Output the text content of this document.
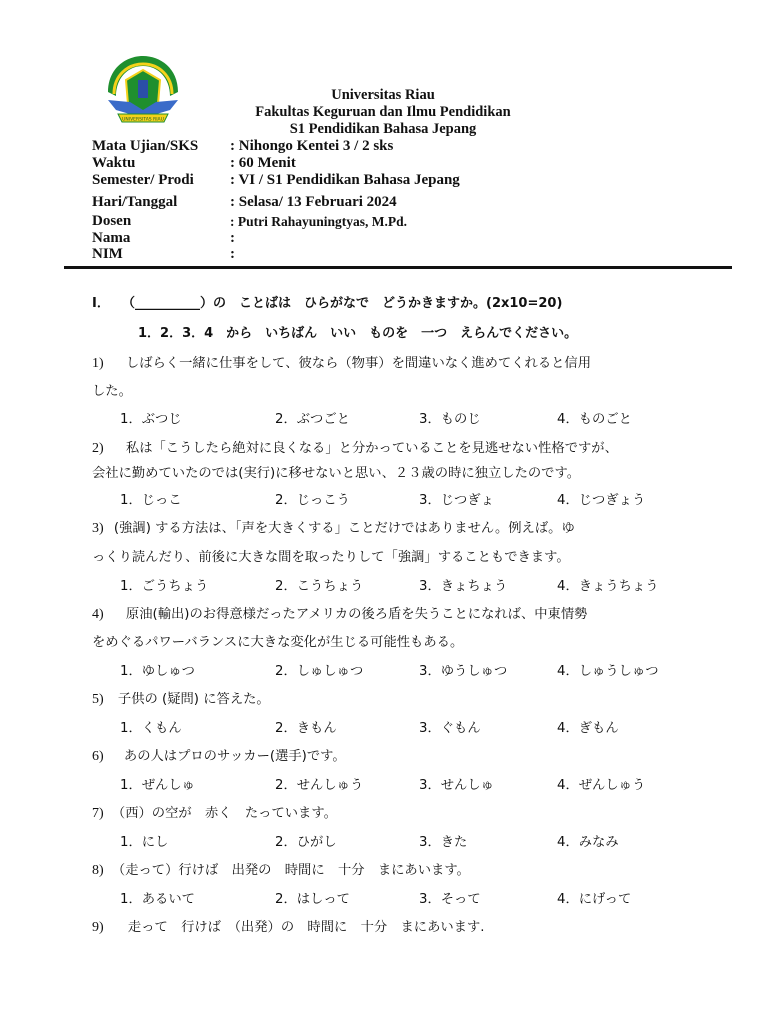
UNIVERSITAS RIAU
Universitas Riau
Fakultas Keguruan dan Ilmu Pendidikan
S1 Pendidikan Bahasa Jepang
Mata Ujian/SKS : Nihongo Kentei 3 / 2 sks
Waktu	: 60 Menit
Semester/ Prodi : VI / S1 Pendidikan Bahasa Jepang
Hari/Tanggal	: Selasa/ 13 Februari 2024
Dosen	: Putri Rahayuningtyas, M.Pd.
Nama	:
NIM	:
I． （__________）の　ことばは　ひらがなで　どうかきますか。(2x10=20)
1．2．3．4　から　いちばん　いい　ものを　一つ　えらんでください。
1) しばらく一緒に仕事をして、彼なら（物事）を間違いなく進めてくれると信用
した。
1．ぶつじ	2．ぶつごと	3．ものじ	4．ものごと
2) 私は「こうしたら絶対に良くなる」と分かっていることを見逃せない性格ですが、
会社に勤めていたのでは(実行)に移せないと思い、２３歳の時に独立したのです。
1．じっこ	2．じっこう	3．じつぎょ	4．じつぎょう
3) (強調) する方法は、「声を大きくする」ことだけではありません。例えば。ゆ
っくり読んだり、前後に大きな間を取ったりして「強調」することもできます。
1．ごうちょう	2．こうちょう	3．きょちょう	4．きょうちょう
4) 原油(輸出)のお得意様だったアメリカの後ろ盾を失うことになれば、中東情勢
をめぐるパワーバランスに大きな変化が生じる可能性もある。
1．ゆしゅつ	2．しゅしゅつ	3．ゆうしゅつ	4．しゅうしゅつ
5) 子供の (疑問) に答えた。
1．くもん	2．きもん	3．ぐもん	4．ぎもん
6) あの人はプロのサッカー(選手)です。
1．ぜんしゅ	2．せんしゅう	3．せんしゅ	4．ぜんしゅう
7) （西）の空が　赤く　たっています。
1．にし	2．ひがし	3．きた	4．みなみ
8) （走って）行けば　出発の　時間に　十分　まにあいます。
1．あるいて	2．はしって	3．そって	4．にげって
9) 走って　行けば　（出発）の　時間に　十分　まにあいます.
